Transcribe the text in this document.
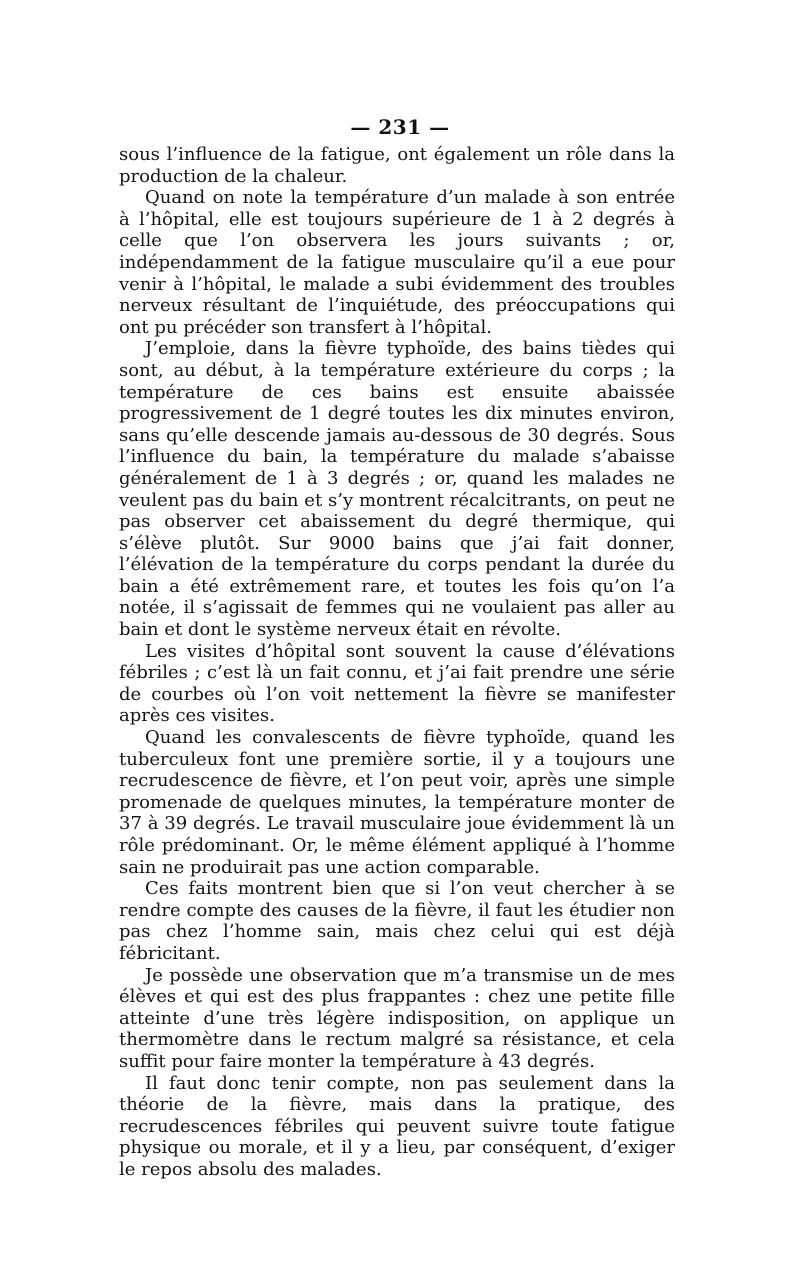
— 231 —

sous l’influence de la fatigue, ont également un rôle dans la production de la chaleur.

Quand on note la température d’un malade à son entrée à l’hôpital, elle est toujours supérieure de 1 à 2 degrés à celle que l’on observera les jours suivants ; or, indépendamment de la fatigue musculaire qu’il a eue pour venir à l’hôpital, le malade a subi évidemment des troubles nerveux résultant de l’inquiétude, des préoccupations qui ont pu précéder son transfert à l’hôpital.

J’emploie, dans la fièvre typhoïde, des bains tièdes qui sont, au début, à la température extérieure du corps ; la température de ces bains est ensuite abaissée progressivement de 1 degré toutes les dix minutes environ, sans qu’elle descende jamais au-dessous de 30 degrés. Sous l’influence du bain, la température du malade s’abaisse généralement de 1 à 3 degrés ; or, quand les malades ne veulent pas du bain et s’y montrent récalcitrants, on peut ne pas observer cet abaissement du degré thermique, qui s’élève plutôt. Sur 9000 bains que j’ai fait donner, l’élévation de la température du corps pendant la durée du bain a été extrêmement rare, et toutes les fois qu’on l’a notée, il s’agissait de femmes qui ne voulaient pas aller au bain et dont le système nerveux était en révolte.

Les visites d’hôpital sont souvent la cause d’élévations fébriles ; c’est là un fait connu, et j’ai fait prendre une série de courbes où l’on voit nettement la fièvre se manifester après ces visites.

Quand les convalescents de fièvre typhoïde, quand les tuberculeux font une première sortie, il y a toujours une recrudescence de fièvre, et l’on peut voir, après une simple promenade de quelques minutes, la température monter de 37 à 39 degrés. Le travail musculaire joue évidemment là un rôle prédominant. Or, le même élément appliqué à l’homme sain ne produirait pas une action comparable.

Ces faits montrent bien que si l’on veut chercher à se rendre compte des causes de la fièvre, il faut les étudier non pas chez l’homme sain, mais chez celui qui est déjà fébricitant.

Je possède une observation que m’a transmise un de mes élèves et qui est des plus frappantes : chez une petite fille atteinte d’une très légère indisposition, on applique un thermomètre dans le rectum malgré sa résistance, et cela suffit pour faire monter la température à 43 degrés.

Il faut donc tenir compte, non pas seulement dans la théorie de la fièvre, mais dans la pratique, des recrudescences fébriles qui peuvent suivre toute fatigue physique ou morale, et il y a lieu, par conséquent, d’exiger le repos absolu des malades.
